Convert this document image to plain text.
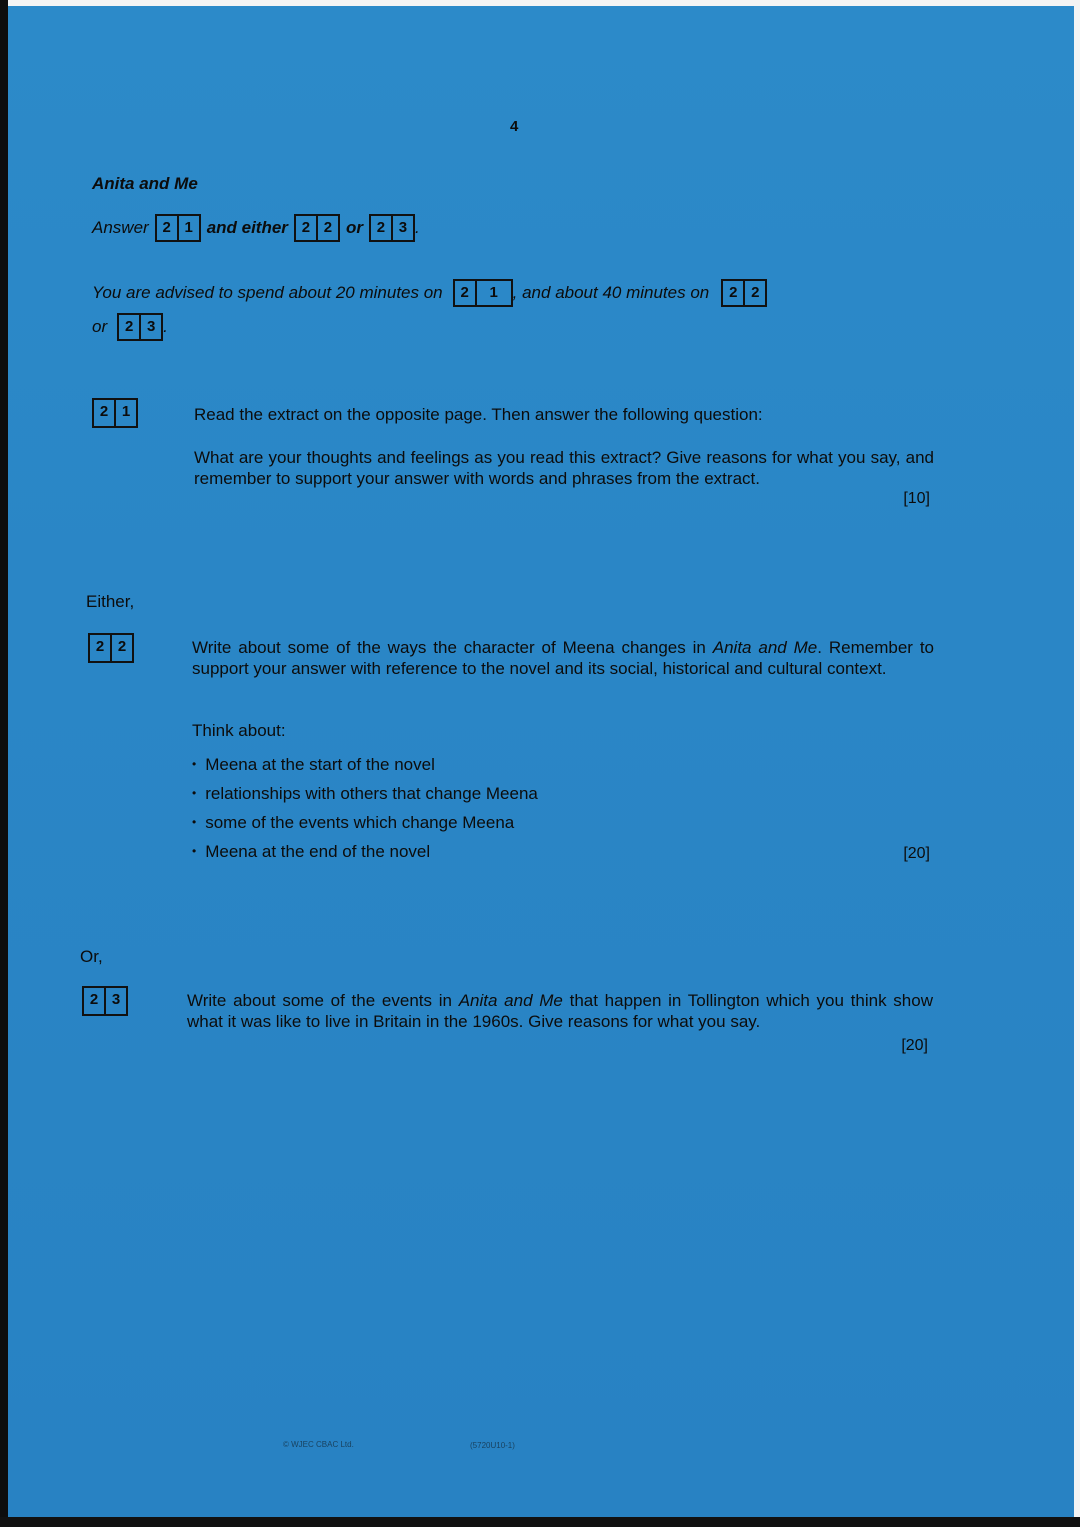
4
Anita and Me
Answer 2 1 and either 2 2 or 2 3 .
You are advised to spend about 20 minutes on	2	1 , and about 40 minutes on	2 2
or	2 3 .
2 1	Read the extract on the opposite page. Then answer the following question:
What are your thoughts and feelings as you read this extract? Give reasons for what you say, and remember to support your answer with words and phrases from the extract.
[10]
Either,
2 2	Write about some of the ways the character of Meena changes in Anita and Me. Remember to support your answer with reference to the novel and its social, historical and cultural context.
Think about:
• Meena at the start of the novel
• relationships with others that change Meena
• some of the events which change Meena
• Meena at the end of the novel	[20]
Or,
2 3	Write about some of the events in Anita and Me that happen in Tollington which you think show what it was like to live in Britain in the 1960s. Give reasons for what you say.
[20]
© WJEC CBAC Ltd.	(5720U10-1)
